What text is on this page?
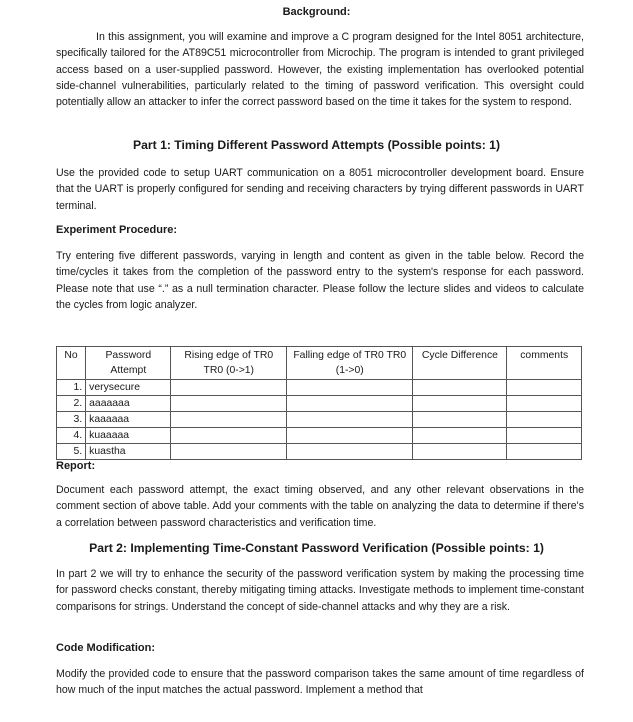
Background:
In this assignment, you will examine and improve a C program designed for the Intel 8051 architecture, specifically tailored for the AT89C51 microcontroller from Microchip. The program is intended to grant privileged access based on a user-supplied password. However, the existing implementation has overlooked potential side-channel vulnerabilities, particularly related to the timing of password verification. This oversight could potentially allow an attacker to infer the correct password based on the time it takes for the system to respond.
Part 1: Timing Different Password Attempts (Possible points: 1)
Use the provided code to setup UART communication on a 8051 microcontroller development board. Ensure that the UART is properly configured for sending and receiving characters by trying different passwords in UART terminal.
Experiment Procedure:
Try entering five different passwords, varying in length and content as given in the table below. Record the time/cycles it takes from the completion of the password entry to the system's response for each password. Please note that use “.” as a null termination character. Please follow the lecture slides and videos to calculate the cycles from logic analyzer.
No	Password Attempt	Rising edge of TR0 TR0 (0->1)	Falling edge of TR0 TR0 (1->0)	Cycle Difference	comments
1.	verysecure				
2.	aaaaaaa				
3.	kaaaaaa				
4.	kuaaaaa				
5.	kuastha				
Report:
Document each password attempt, the exact timing observed, and any other relevant observations in the comment section of above table. Add your comments with the table on analyzing the data to determine if there's a correlation between password characteristics and verification time.
Part 2: Implementing Time-Constant Password Verification (Possible points: 1)
In part 2 we will try to enhance the security of the password verification system by making the processing time for password checks constant, thereby mitigating timing attacks. Investigate methods to implement time-constant comparisons for strings. Understand the concept of side-channel attacks and why they are a risk.
Code Modification:
Modify the provided code to ensure that the password comparison takes the same amount of time regardless of how much of the input matches the actual password. Implement a method that
